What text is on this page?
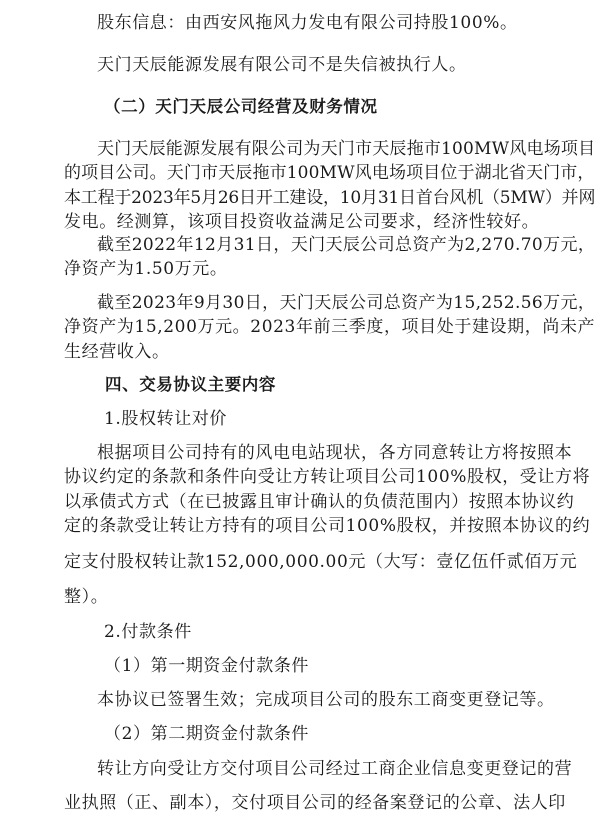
股东信息：由西安风拖风力发电有限公司持股100%。
天门天辰能源发展有限公司不是失信被执行人。
（二）天门天辰公司经营及财务情况
天门天辰能源发展有限公司为天门市天辰拖市100MW风电场项目
的项目公司。天门市天辰拖市100MW风电场项目位于湖北省天门市，
本工程于2023年5月26日开工建设，10月31日首台风机（5MW）并网
发电。经测算，该项目投资收益满足公司要求，经济性较好。
截至2022年12月31日，天门天辰公司总资产为2,270.70万元，
净资产为1.50万元。
截至2023年9月30日，天门天辰公司总资产为15,252.56万元，
净资产为15,200万元。2023年前三季度，项目处于建设期，尚未产
生经营收入。
四、交易协议主要内容
1.股权转让对价
根据项目公司持有的风电电站现状，各方同意转让方将按照本
协议约定的条款和条件向受让方转让项目公司100%股权，受让方将
以承债式方式（在已披露且审计确认的负债范围内）按照本协议约
定的条款受让转让方持有的项目公司100%股权，并按照本协议的约
定支付股权转让款152,000,000.00元（大写：壹亿伍仟贰佰万元
整）。
2.付款条件
（1）第一期资金付款条件
本协议已签署生效；完成项目公司的股东工商变更登记等。
（2）第二期资金付款条件
转让方向受让方交付项目公司经过工商企业信息变更登记的营
业执照（正、副本），交付项目公司的经备案登记的公章、法人印
